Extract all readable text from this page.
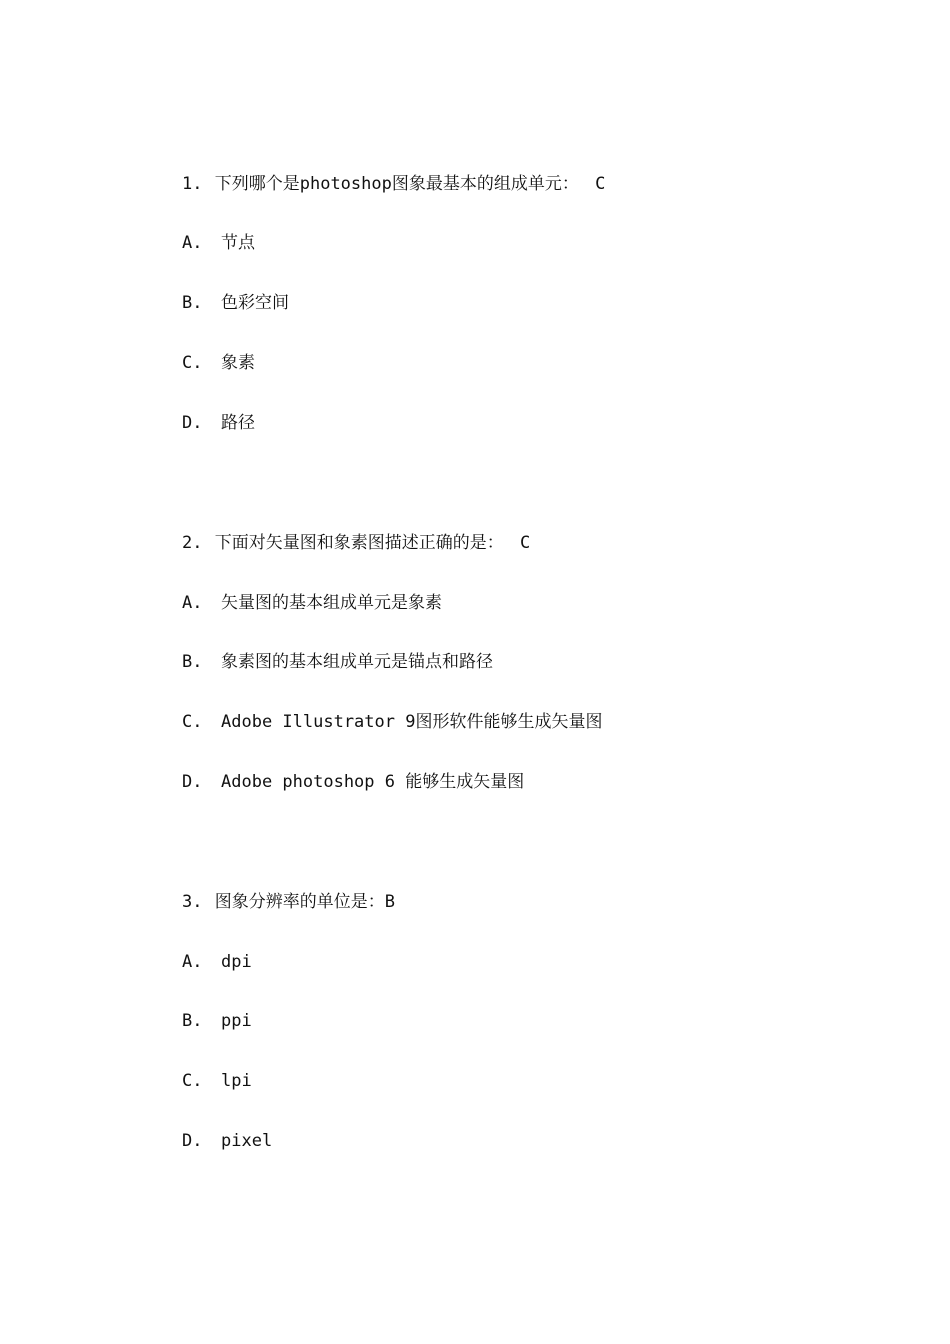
1. 下列哪个是photoshop图象最基本的组成单元： C
A. 节点
B. 色彩空间
C. 象素
D. 路径
2. 下面对矢量图和象素图描述正确的是： C
A. 矢量图的基本组成单元是象素
B. 象素图的基本组成单元是锚点和路径
C. Adobe Illustrator 9图形软件能够生成矢量图
D. Adobe photoshop 6 能够生成矢量图
3. 图象分辨率的单位是：B
A. dpi
B. ppi
C. lpi
D. pixel
